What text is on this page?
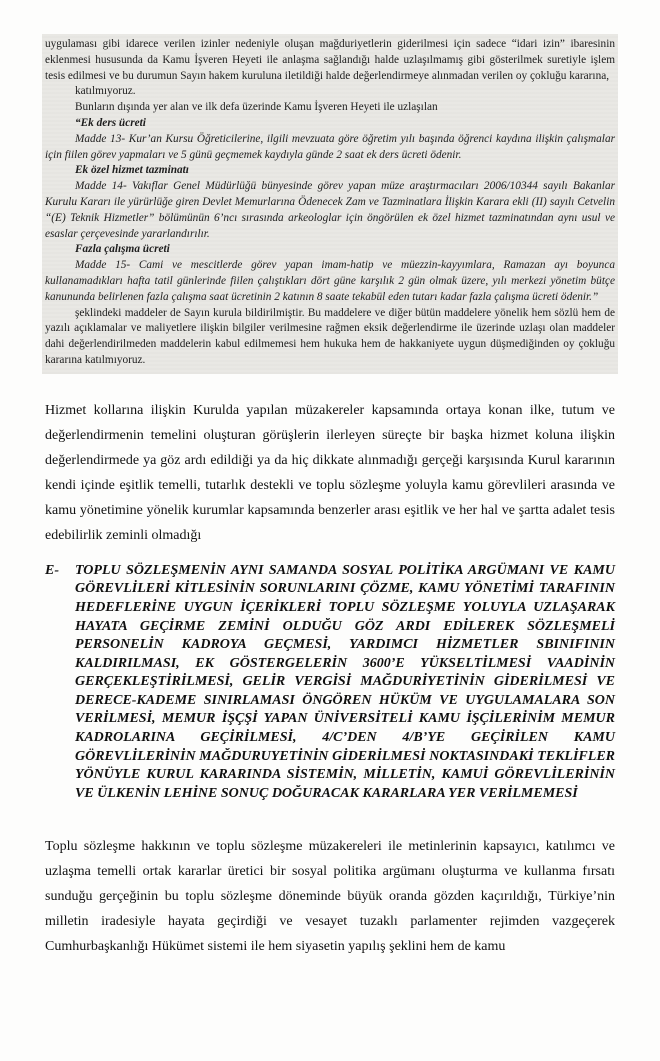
uygulaması gibi idarece verilen izinler nedeniyle oluşan mağduriyetlerin giderilmesi için sadece “idari izin” ibaresinin eklenmesi hususunda da Kamu İşveren Heyeti ile anlaşma sağlandığı halde uzlaşılmamış gibi gösterilmek suretiyle işlem tesis edilmesi ve bu durumun Sayın hakem kuruluna iletildiği halde değerlendirmeye alınmadan verilen oy çokluğu kararına,

katılmıyoruz.

Bunların dışında yer alan ve ilk defa üzerinde Kamu İşveren Heyeti ile uzlaşılan

“Ek ders ücreti

Madde 13- Kur’an Kursu Öğreticilerine, ilgili mevzuata göre öğretim yılı başında öğrenci kaydına ilişkin çalışmalar için fiilen görev yapmaları ve 5 günü geçmemek kaydıyla günde 2 saat ek ders ücreti ödenir.

Ek özel hizmet tazminatı

Madde 14- Vakıflar Genel Müdürlüğü bünyesinde görev yapan müze araştırmacıları 2006/10344 sayılı Bakanlar Kurulu Kararı ile yürürlüğe giren Devlet Memurlarına Ödenecek Zam ve Tazminatlara İlişkin Karara ekli (II) sayılı Cetvelin “(E) Teknik Hizmetler” bölümünün 6’ncı sırasında arkeologlar için öngörülen ek özel hizmet tazminatından aynı usul ve esaslar çerçevesinde yararlandırılır.

Fazla çalışma ücreti

Madde 15- Cami ve mescitlerde görev yapan imam-hatip ve müezzin-kayyımlara, Ramazan ayı boyunca kullanamadıkları hafta tatil günlerinde fiilen çalıştıkları dört güne karşılık 2 gün olmak üzere, yılı merkezi yönetim bütçe kanununda belirlenen fazla çalışma saat ücretinin 2 katının 8 saate tekabül eden tutarı kadar fazla çalışma ücreti ödenir.”

şeklindeki maddeler de Sayın kurula bildirilmiştir. Bu maddelere ve diğer bütün maddelere yönelik hem sözlü hem de yazılı açıklamalar ve maliyetlere ilişkin bilgiler verilmesine rağmen eksik değerlendirme ile üzerinde uzlaşı olan maddeler dahi değerlendirilmeden maddelerin kabul edilmemesi hem hukuka hem de hakkaniyete uygun düşmediğinden oy çokluğu kararına katılmıyoruz.

Hizmet kollarına ilişkin Kurulda yapılan müzakereler kapsamında ortaya konan ilke, tutum ve değerlendirmenin temelini oluşturan görüşlerin ilerleyen süreçte bir başka hizmet koluna ilişkin değerlendirmede ya göz ardı edildiği ya da hiç dikkate alınmadığı gerçeği karşısında Kurul kararının kendi içinde eşitlik temelli, tutarlık destekli ve toplu sözleşme yoluyla kamu görevlileri arasında ve kamu yönetimine yönelik kurumlar kapsamında benzerler arası eşitlik ve her hal ve şartta adalet tesis edebilirlik zeminli olmadığı

E- TOPLU SÖZLEŞMENİN AYNI SAMANDA SOSYAL POLİTİKA ARGÜMANI VE KAMU GÖREVLİLERİ KİTLESİNİN SORUNLARINI ÇÖZME, KAMU YÖNETİMİ TARAFININ HEDEFLERİNE UYGUN İÇERİKLERİ TOPLU SÖZLEŞME YOLUYLA UZLAŞARAK HAYATA GEÇİRME ZEMİNİ OLDUĞU GÖZ ARDI EDİLEREK SÖZLEŞMELİ PERSONELİN KADROYA GEÇMESİ, YARDIMCI HİZMETLER SBINIFININ KALDIRILMASI, EK GÖSTERGELERİN 3600’E YÜKSELTİLMESİ VAADİNİN GERÇEKLEŞTİRİLMESİ, GELİR VERGİSİ MAĞDURİYETİNİN GİDERİLMESİ VE DERECE-KADEME SINIRLAMASI ÖNGÖREN HÜKÜM VE UYGULAMALARA SON VERİLMESİ, MEMUR İŞÇŞİ YAPAN ÜNİVERSİTELİ KAMU İŞÇİLERİNİM MEMUR KADROLARINA GEÇİRİLMESİ, 4/C’DEN 4/B’YE GEÇİRİLEN KAMU GÖREVLİLERİNİN MAĞDURUYETİNİN GİDERİLMESİ NOKTASINDAKİ TEKLİFLER YÖNÜYLE KURUL KARARINDA SİSTEMİN, MİLLETİN, KAMUİ GÖREVLİLERİNİN VE ÜLKENİN LEHİNE SONUÇ DOĞURACAK KARARLARA YER VERİLMEMESİ

Toplu sözleşme hakkının ve toplu sözleşme müzakereleri ile metinlerinin kapsayıcı, katılımcı ve uzlaşma temelli ortak kararlar üretici bir sosyal politika argümanı oluşturma ve kullanma fırsatı sunduğu gerçeğinin bu toplu sözleşme döneminde büyük oranda gözden kaçırıldığı, Türkiye’nin milletin iradesiyle hayata geçirdiği ve vesayet tuzaklı parlamenter rejimden vazgeçerek Cumhurbaşkanlığı Hükümet sistemi ile hem siyasetin yapılış şeklini hem de kamu
